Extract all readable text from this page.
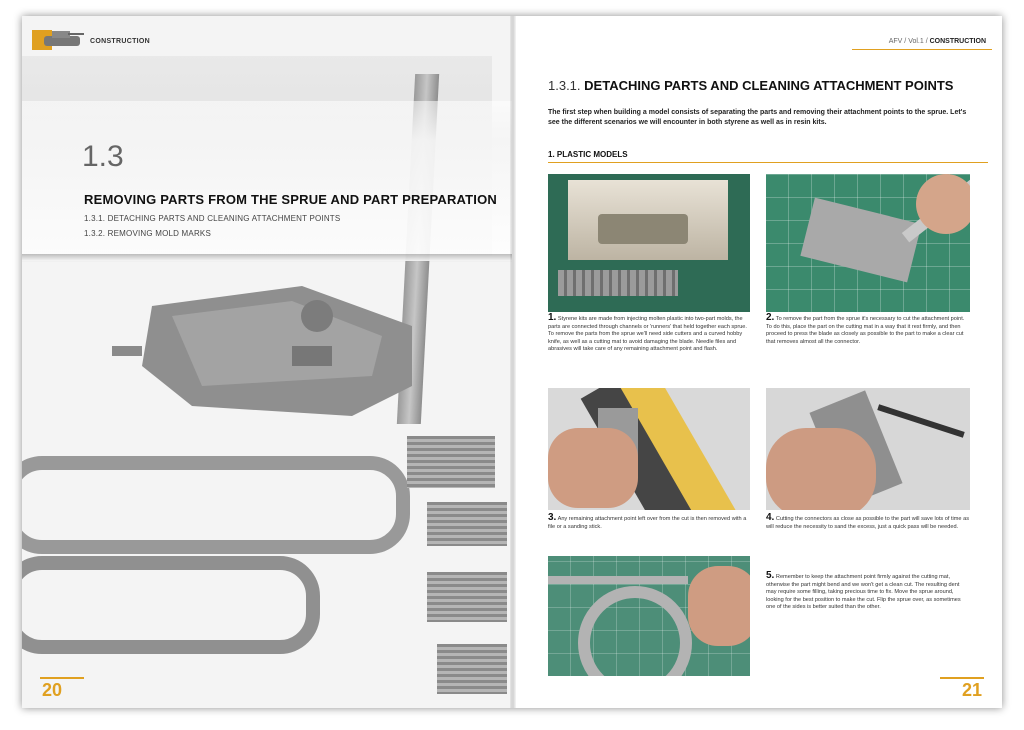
CONSTRUCTION
1.3
REMOVING PARTS FROM THE SPRUE AND PART PREPARATION
1.3.1. DETACHING PARTS AND CLEANING ATTACHMENT POINTS
1.3.2. REMOVING MOLD MARKS
20
AFV / Vol.1 / CONSTRUCTION
1.3.1. DETACHING PARTS AND CLEANING ATTACHMENT POINTS
The first step when building a model consists of separating the parts and removing their attachment points to the sprue. Let's see the different scenarios we will encounter in both styrene as well as in resin kits.
1. PLASTIC MODELS
1. Styrene kits are made from injecting molten plastic into two-part molds, the parts are connected through channels or 'runners' that held together each sprue. To remove the parts from the sprue we'll need side cutters and a curved hobby knife, as well as a cutting mat to avoid damaging the blade. Needle files and abrasives will take care of any remaining attachment point and flash.
2. To remove the part from the sprue it's necessary to cut the attachment point. To do this, place the part on the cutting mat in a way that it rest firmly, and then proceed to press the blade as closely as possible to the part to make a clear cut that removes almost all the connector.
3. Any remaining attachment point left over from the cut is then removed with a file or a sanding stick.
4. Cutting the connectors as close as possible to the part will save lots of time as will reduce the necessity to sand the excess, just a quick pass will be needed.
5. Remember to keep the attachment point firmly against the cutting mat, otherwise the part might bend and we won't get a clean cut. The resulting dent may require some filling, taking precious time to fix. Move the sprue around, looking for the best position to make the cut. Flip the sprue over, as sometimes one of the sides is better suited than the other.
21
